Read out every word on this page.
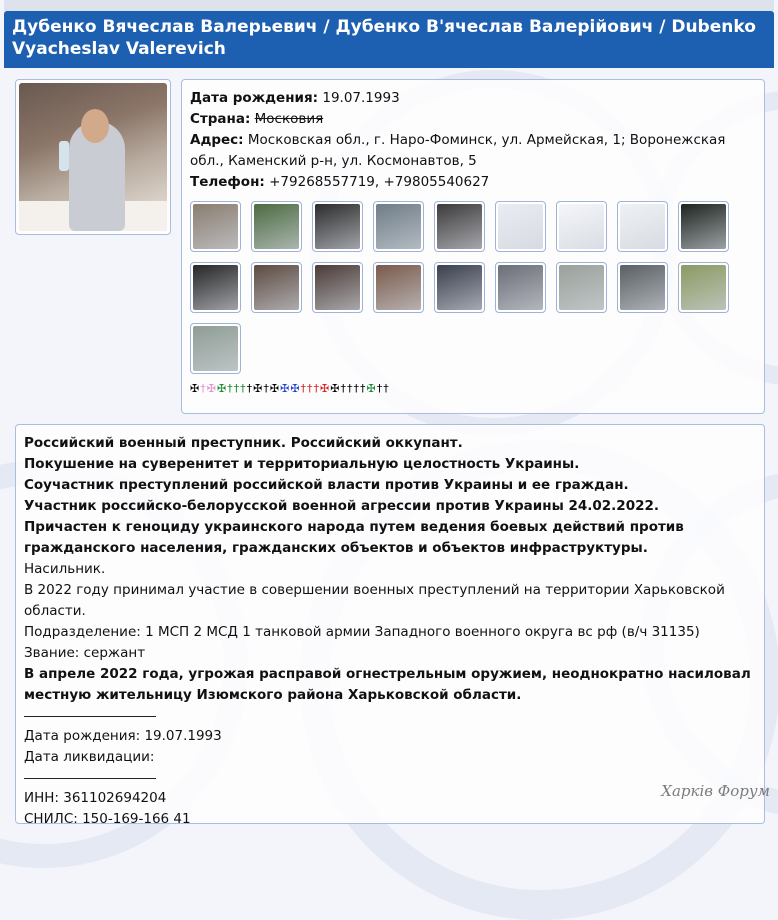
Дубенко Вячеслав Валерьевич / Дубенко В'ячеслав Валерійович / Dubenko Vyacheslav Valerevich
Дата рождения: 19.07.1993
Страна: Московия
Адрес: Московская обл., г. Наро-Фоминск, ул. Армейская, 1; Воронежская обл., Каменский р-н, ул. Космонавтов, 5
Телефон: +79268557719, +79805540627
✠†✠✠††††✠†✠✠✠†††✠✠††††✠††
Российский военный преступник. Российский оккупант.
Покушение на суверенитет и территориальную целостность Украины.
Соучастник преступлений российской власти против Украины и ее граждан.
Участник российско-белорусской военной агрессии против Украины 24.02.2022.
Причастен к геноциду украинского народа путем ведения боевых действий против гражданского населения, гражданских объектов и объектов инфраструктуры.
Насильник.
В 2022 году принимал участие в совершении военных преступлений на территории Харьковской области.
Подразделение: 1 МСП 2 МСД 1 танковой армии Западного военного округа вс рф (в/ч 31135)
Звание: сержант
В апреле 2022 года, угрожая расправой огнестрельным оружием, неоднократно насиловал местную жительницу Изюмского района Харьковской области.
Дата рождения: 19.07.1993
Дата ликвидации:
ИНН: 361102694204
СНИЛС: 150-169-166 41
Харків Форум
